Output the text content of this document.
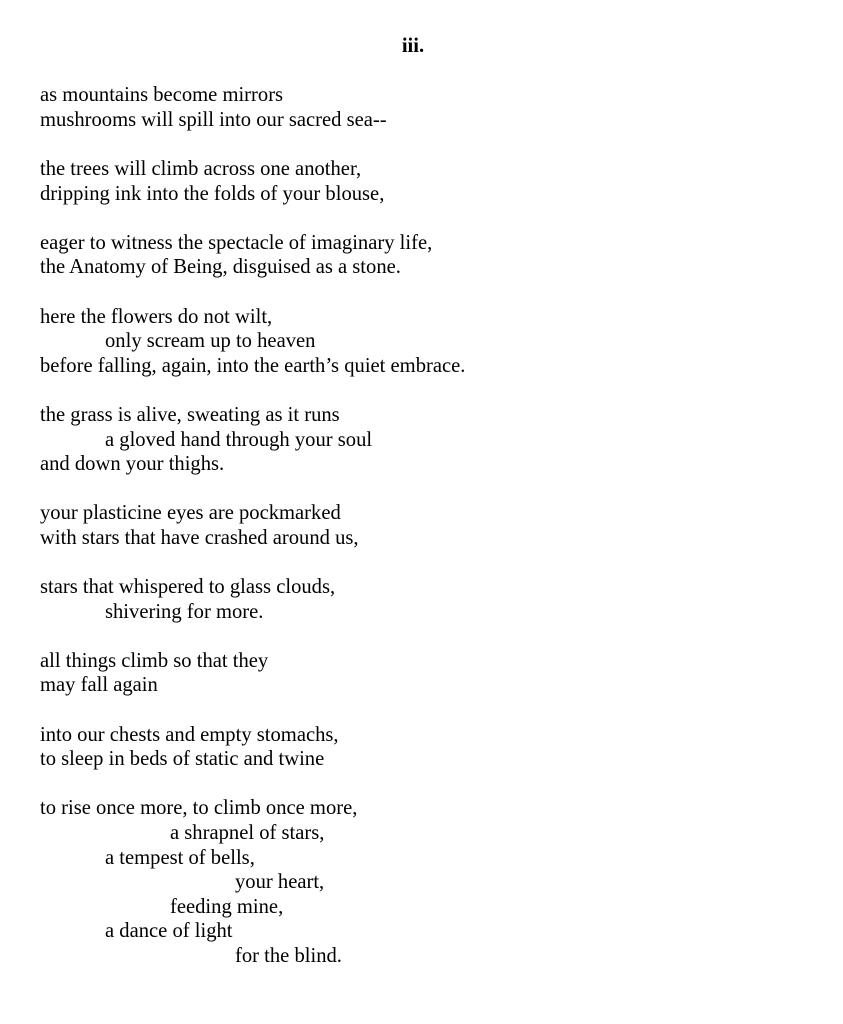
iii.
as mountains become mirrors
mushrooms will spill into our sacred sea--
the trees will climb across one another,
dripping ink into the folds of your blouse,
eager to witness the spectacle of imaginary life,
the Anatomy of Being, disguised as a stone.
here the flowers do not wilt,
only scream up to heaven
before falling, again, into the earth’s quiet embrace.
the grass is alive, sweating as it runs
a gloved hand through your soul
and down your thighs.
your plasticine eyes are pockmarked
with stars that have crashed around us,
stars that whispered to glass clouds,
shivering for more.
all things climb so that they
may fall again
into our chests and empty stomachs,
to sleep in beds of static and twine
to rise once more, to climb once more,
a shrapnel of stars,
a tempest of bells,
your heart,
feeding mine,
a dance of light
for the blind.
